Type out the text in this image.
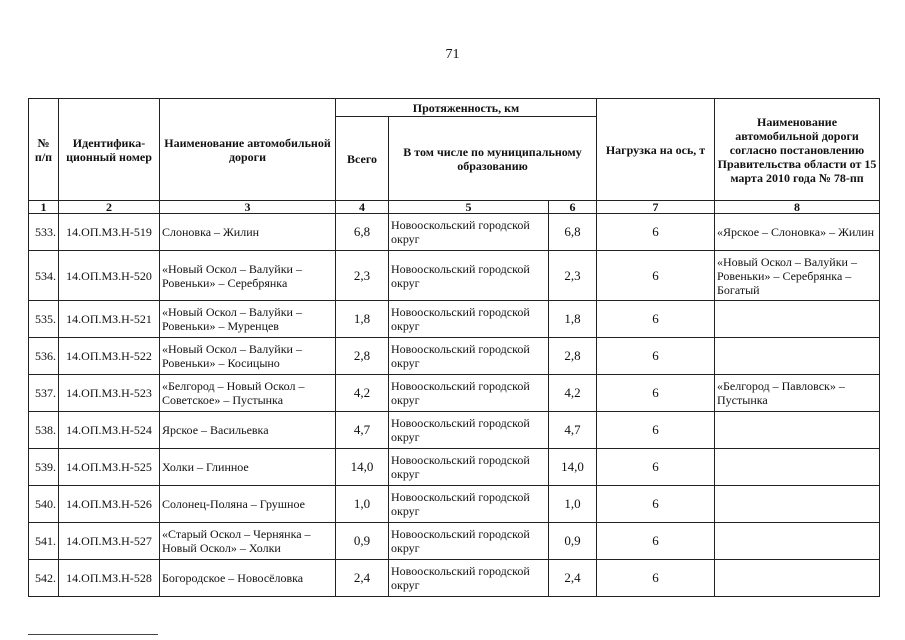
71
№ п/п	Идентифика-ционный номер	Наименование автомобильной дороги	Протяженность, км			Нагрузка на ось, т	Наименование автомобильной дороги согласно постановлению Правительства области от 15 марта 2010 года № 78-пп
			Всего	В том числе по муниципальному образованию			
1	2	3	4	5	6	7	8
533.	14.ОП.МЗ.Н-519	Слоновка – Жилин	6,8	Новооскольский городской округ	6,8	6	«Ярское – Слоновка» – Жилин
534.	14.ОП.МЗ.Н-520	«Новый Оскол – Валуйки – Ровеньки» – Серебрянка	2,3	Новооскольский городской округ	2,3	6	«Новый Оскол – Валуйки – Ровеньки» – Серебрянка – Богатый
535.	14.ОП.МЗ.Н-521	«Новый Оскол – Валуйки – Ровеньки» – Муренцев	1,8	Новооскольский городской округ	1,8	6	
536.	14.ОП.МЗ.Н-522	«Новый Оскол – Валуйки – Ровеньки» – Косицыно	2,8	Новооскольский городской округ	2,8	6	
537.	14.ОП.МЗ.Н-523	«Белгород – Новый Оскол – Советское» – Пустынка	4,2	Новооскольский городской округ	4,2	6	«Белгород – Павловск» – Пустынка
538.	14.ОП.МЗ.Н-524	Ярское – Васильевка	4,7	Новооскольский городской округ	4,7	6	
539.	14.ОП.МЗ.Н-525	Холки – Глинное	14,0	Новооскольский городской округ	14,0	6	
540.	14.ОП.МЗ.Н-526	Солонец-Поляна – Грушное	1,0	Новооскольский городской округ	1,0	6	
541.	14.ОП.МЗ.Н-527	«Старый Оскол – Чернянка – Новый Оскол» – Холки	0,9	Новооскольский городской округ	0,9	6	
542.	14.ОП.МЗ.Н-528	Богородское – Новосёловка	2,4	Новооскольский городской округ	2,4	6	
